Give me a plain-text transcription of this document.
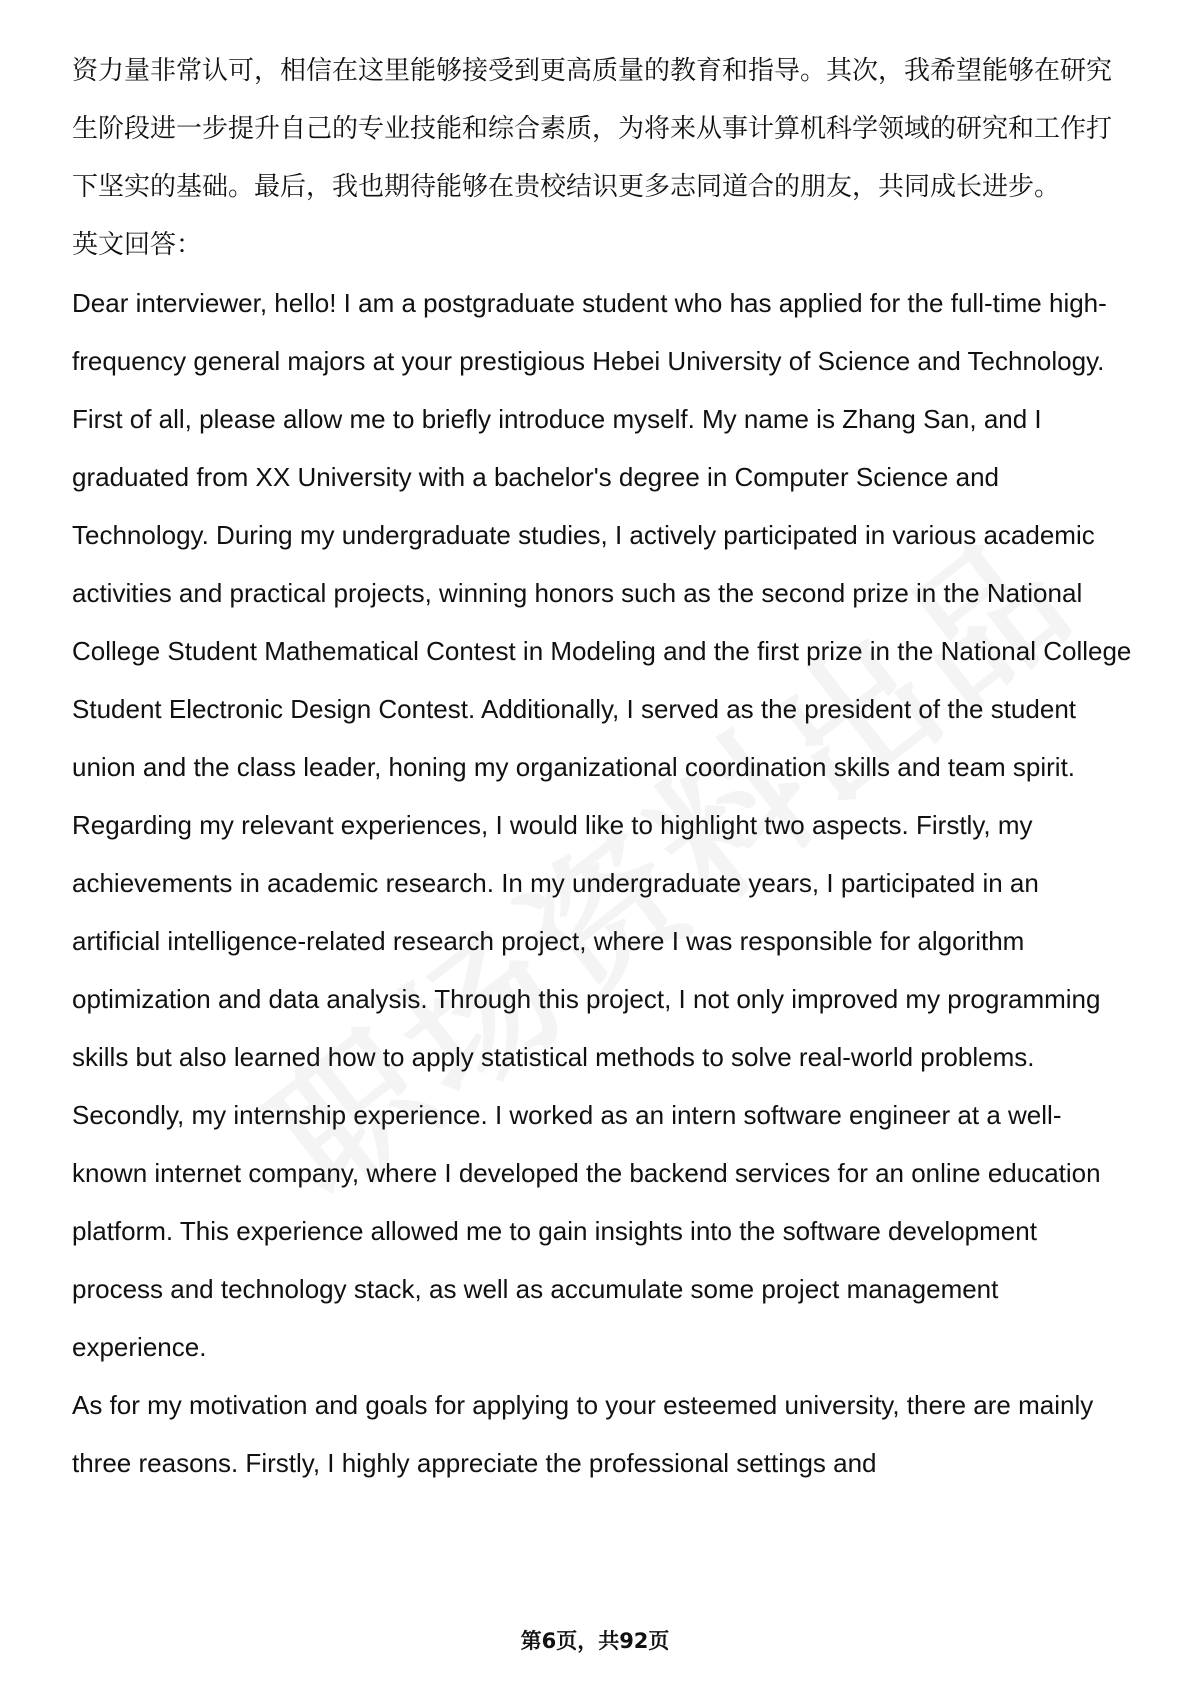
资力量非常认可，相信在这里能够接受到更高质量的教育和指导。其次，我希望能够在研究生阶段进一步提升自己的专业技能和综合素质，为将来从事计算机科学领域的研究和工作打下坚实的基础。最后，我也期待能够在贵校结识更多志同道合的朋友，共同成长进步。

英文回答：

Dear interviewer, hello! I am a postgraduate student who has applied for the full-time high-frequency general majors at your prestigious Hebei University of Science and Technology. First of all, please allow me to briefly introduce myself. My name is Zhang San, and I graduated from XX University with a bachelor's degree in Computer Science and Technology. During my undergraduate studies, I actively participated in various academic activities and practical projects, winning honors such as the second prize in the National College Student Mathematical Contest in Modeling and the first prize in the National College Student Electronic Design Contest. Additionally, I served as the president of the student union and the class leader, honing my organizational coordination skills and team spirit. Regarding my relevant experiences, I would like to highlight two aspects. Firstly, my achievements in academic research. In my undergraduate years, I participated in an artificial intelligence-related research project, where I was responsible for algorithm optimization and data analysis. Through this project, I not only improved my programming skills but also learned how to apply statistical methods to solve real-world problems. Secondly, my internship experience. I worked as an intern software engineer at a well-known internet company, where I developed the backend services for an online education platform. This experience allowed me to gain insights into the software development process and technology stack, as well as accumulate some project management experience.

As for my motivation and goals for applying to your esteemed university, there are mainly three reasons. Firstly, I highly appreciate the professional settings and

第6页，共92页
